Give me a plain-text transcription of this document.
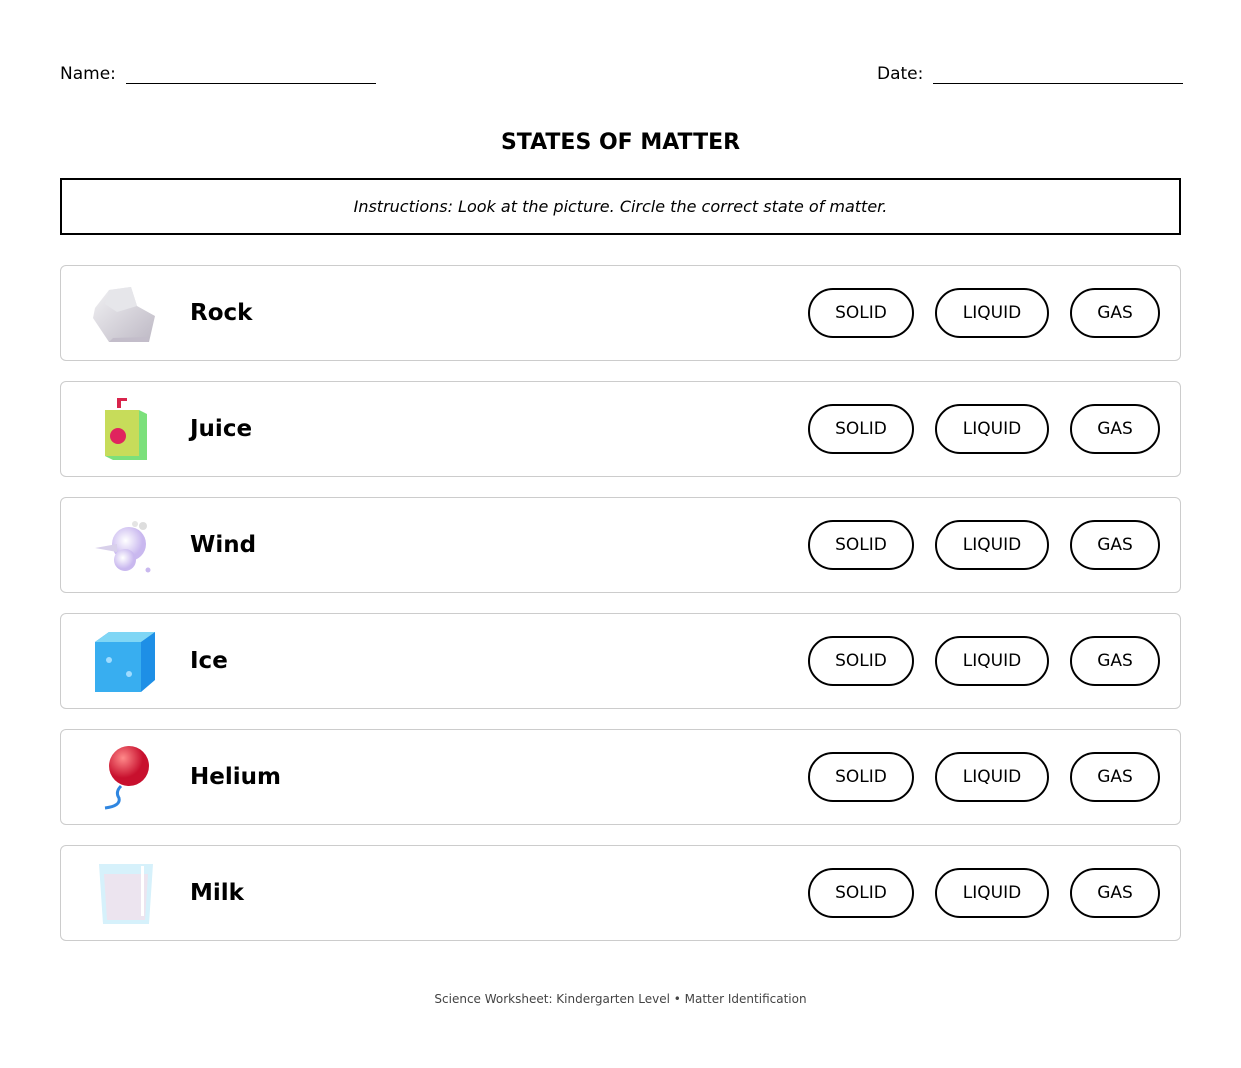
Name:	Date:
STATES OF MATTER
Instructions: Look at the picture. Circle the correct state of matter.
Rock	SOLID	LIQUID	GAS
Juice	SOLID	LIQUID	GAS
Wind	SOLID	LIQUID	GAS
Ice	SOLID	LIQUID	GAS
Helium	SOLID	LIQUID	GAS
Milk	SOLID	LIQUID	GAS
Science Worksheet: Kindergarten Level • Matter Identification
